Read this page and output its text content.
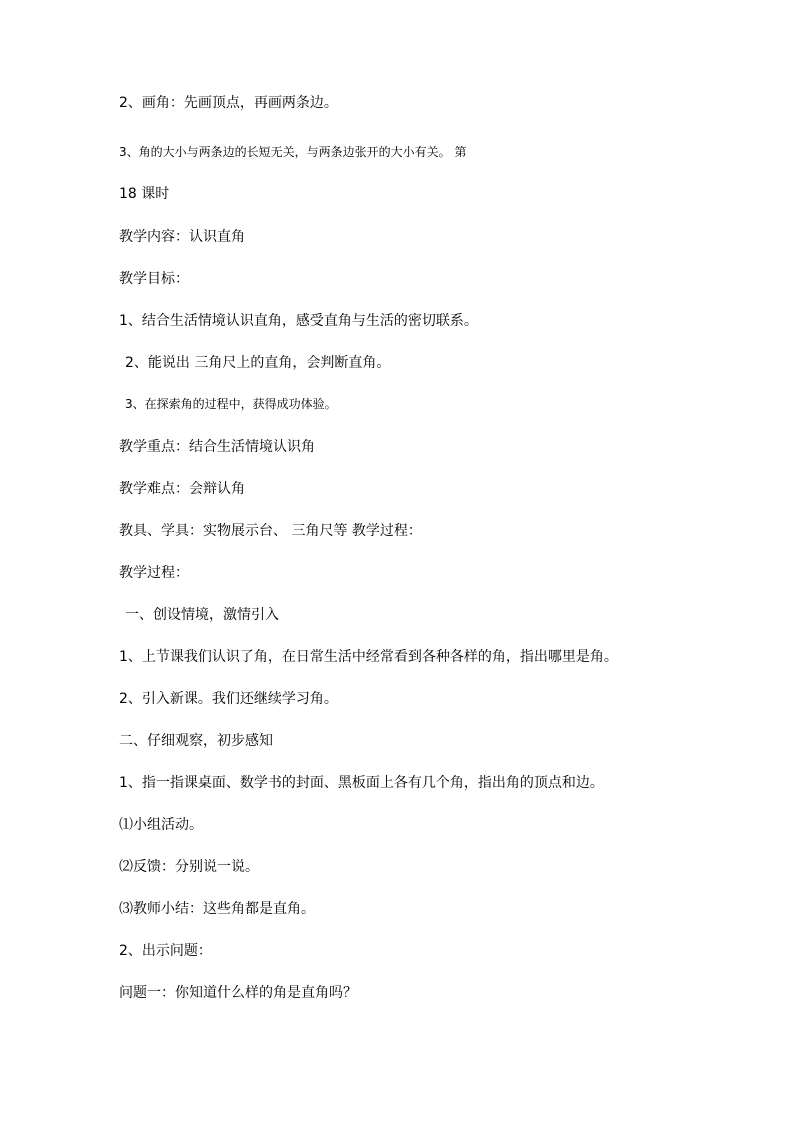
2、画角：先画顶点，再画两条边。
3、角的大小与两条边的长短无关，与两条边张开的大小有关。 第
18 课时
教学内容：认识直角
教学目标：
1、结合生活情境认识直角，感受直角与生活的密切联系。
2、能说出 三角尺上的直角，会判断直角。
3、在探索角的过程中，获得成功体验。
教学重点：结合生活情境认识角
教学难点：会辩认角
教具、学具：实物展示台、 三角尺等 教学过程：
教学过程：
一、创设情境，激情引入
1、上节课我们认识了角，在日常生活中经常看到各种各样的角，指出哪里是角。
2、引入新课。我们还继续学习角。
二、仔细观察，初步感知
1、指一指课桌面、数学书的封面、黑板面上各有几个角，指出角的顶点和边。
⑴小组活动。
⑵反馈：分别说一说。
⑶教师小结：这些角都是直角。
2、出示问题：
问题一：你知道什么样的角是直角吗？
